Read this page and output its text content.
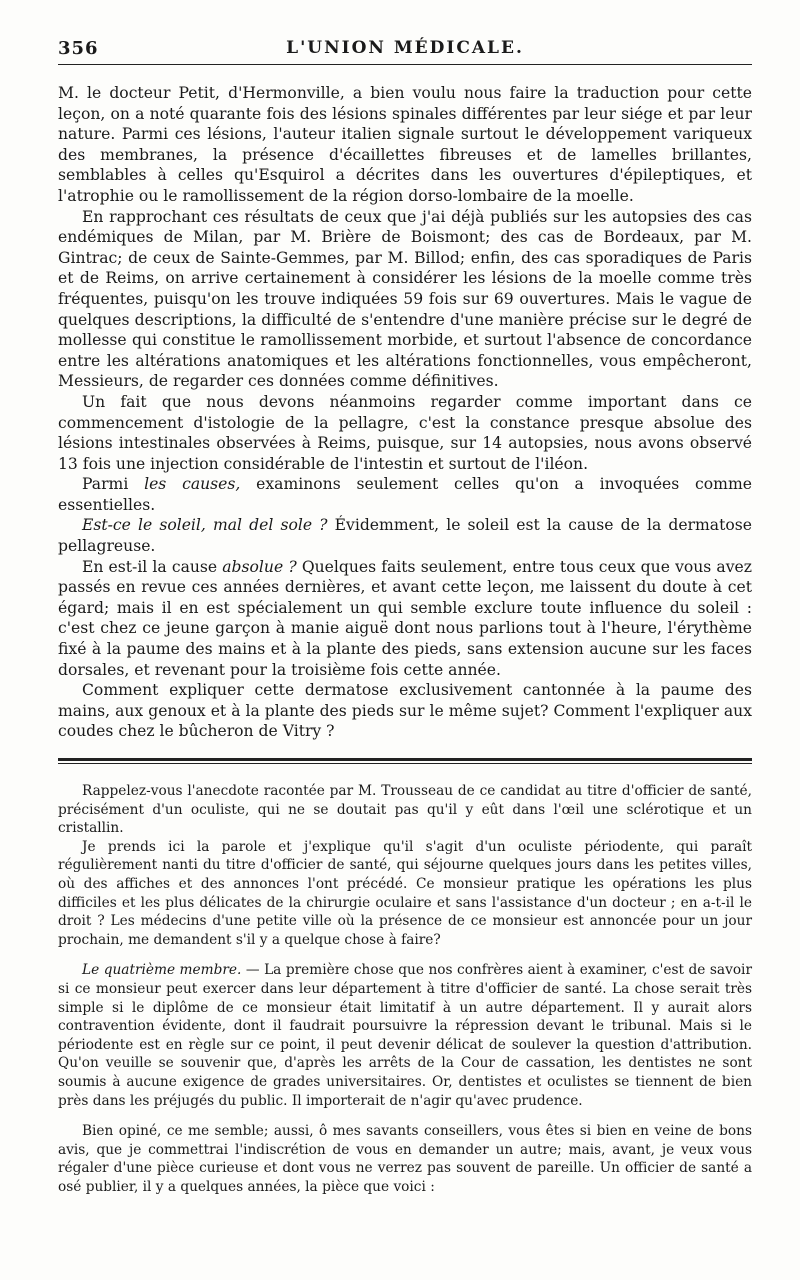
356	L'UNION MÉDICALE.

M. le docteur Petit, d'Hermonville, a bien voulu nous faire la traduction pour cette leçon, on a noté quarante fois des lésions spinales différentes par leur siége et par leur nature. Parmi ces lésions, l'auteur italien signale surtout le développement variqueux des membranes, la présence d'écaillettes fibreuses et de lamelles brillantes, semblables à celles qu'Esquirol a décrites dans les ouvertures d'épileptiques, et l'atrophie ou le ramollissement de la région dorso-lombaire de la moelle.

En rapprochant ces résultats de ceux que j'ai déjà publiés sur les autopsies des cas endémiques de Milan, par M. Brière de Boismont; des cas de Bordeaux, par M. Gintrac; de ceux de Sainte-Gemmes, par M. Billod; enfin, des cas sporadiques de Paris et de Reims, on arrive certainement à considérer les lésions de la moelle comme très fréquentes, puisqu'on les trouve indiquées 59 fois sur 69 ouvertures. Mais le vague de quelques descriptions, la difficulté de s'entendre d'une manière précise sur le degré de mollesse qui constitue le ramollissement morbide, et surtout l'absence de concordance entre les altérations anatomiques et les altérations fonctionnelles, vous empêcheront, Messieurs, de regarder ces données comme définitives.

Un fait que nous devons néanmoins regarder comme important dans ce commencement d'istologie de la pellagre, c'est la constance presque absolue des lésions intestinales observées à Reims, puisque, sur 14 autopsies, nous avons observé 13 fois une injection considérable de l'intestin et surtout de l'iléon.

Parmi les causes, examinons seulement celles qu'on a invoquées comme essentielles.

Est-ce le soleil, mal del sole ? Évidemment, le soleil est la cause de la dermatose pellagreuse.

En est-il la cause absolue ? Quelques faits seulement, entre tous ceux que vous avez passés en revue ces années dernières, et avant cette leçon, me laissent du doute à cet égard; mais il en est spécialement un qui semble exclure toute influence du soleil : c'est chez ce jeune garçon à manie aiguë dont nous parlions tout à l'heure, l'érythème fixé à la paume des mains et à la plante des pieds, sans extension aucune sur les faces dorsales, et revenant pour la troisième fois cette année.

Comment expliquer cette dermatose exclusivement cantonnée à la paume des mains, aux genoux et à la plante des pieds sur le même sujet? Comment l'expliquer aux coudes chez le bûcheron de Vitry ?

Rappelez-vous l'anecdote racontée par M. Trousseau de ce candidat au titre d'officier de santé, précisément d'un oculiste, qui ne se doutait pas qu'il y eût dans l'œil une sclérotique et un cristallin.

Je prends ici la parole et j'explique qu'il s'agit d'un oculiste périodente, qui paraît régulièrement nanti du titre d'officier de santé, qui séjourne quelques jours dans les petites villes, où des affiches et des annonces l'ont précédé. Ce monsieur pratique les opérations les plus difficiles et les plus délicates de la chirurgie oculaire et sans l'assistance d'un docteur ; en a-t-il le droit ? Les médecins d'une petite ville où la présence de ce monsieur est annoncée pour un jour prochain, me demandent s'il y a quelque chose à faire?

Le quatrième membre. — La première chose que nos confrères aient à examiner, c'est de savoir si ce monsieur peut exercer dans leur département à titre d'officier de santé. La chose serait très simple si le diplôme de ce monsieur était limitatif à un autre département. Il y aurait alors contravention évidente, dont il faudrait poursuivre la répression devant le tribunal. Mais si le périodente est en règle sur ce point, il peut devenir délicat de soulever la question d'attribution. Qu'on veuille se souvenir que, d'après les arrêts de la Cour de cassation, les dentistes ne sont soumis à aucune exigence de grades universitaires. Or, dentistes et oculistes se tiennent de bien près dans les préjugés du public. Il importerait de n'agir qu'avec prudence.

Bien opiné, ce me semble; aussi, ô mes savants conseillers, vous êtes si bien en veine de bons avis, que je commettrai l'indiscrétion de vous en demander un autre; mais, avant, je veux vous régaler d'une pièce curieuse et dont vous ne verrez pas souvent de pareille. Un officier de santé a osé publier, il y a quelques années, la pièce que voici :
